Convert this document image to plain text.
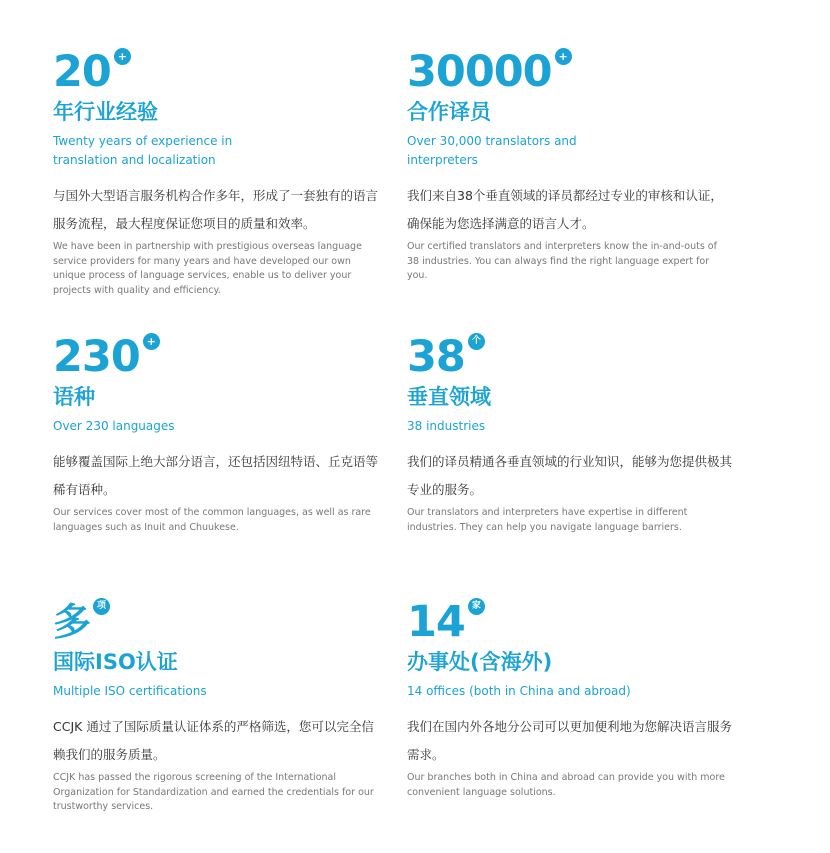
20 +
年行业经验
Twenty years of experience in translation and localization
与国外大型语言服务机构合作多年，形成了一套独有的语言服务流程，最大程度保证您项目的质量和效率。
We have been in partnership with prestigious overseas language service providers for many years and have developed our own unique process of language services, enable us to deliver your projects with quality and efficiency.
30000 +
合作译员
Over 30,000 translators and interpreters
我们来自38个垂直领域的译员都经过专业的审核和认证，确保能为您选择满意的语言人才。
Our certified translators and interpreters know the in-and-outs of 38 industries. You can always find the right language expert for you.
230 +
语种
Over 230 languages
能够覆盖国际上绝大部分语言，还包括因纽特语、丘克语等稀有语种。
Our services cover most of the common languages, as well as rare languages such as Inuit and Chuukese.
38 个
垂直领域
38 industries
我们的译员精通各垂直领域的行业知识，能够为您提供极其专业的服务。
Our translators and interpreters have expertise in different industries. They can help you navigate language barriers.
多 项
国际ISO认证
Multiple ISO certifications
CCJK 通过了国际质量认证体系的严格筛选，您可以完全信赖我们的服务质量。
CCJK has passed the rigorous screening of the International Organization for Standardization and earned the credentials for our trustworthy services.
14 家
办事处(含海外)
14 offices (both in China and abroad)
我们在国内外各地分公司可以更加便利地为您解决语言服务需求。
Our branches both in China and abroad can provide you with more convenient language solutions.
